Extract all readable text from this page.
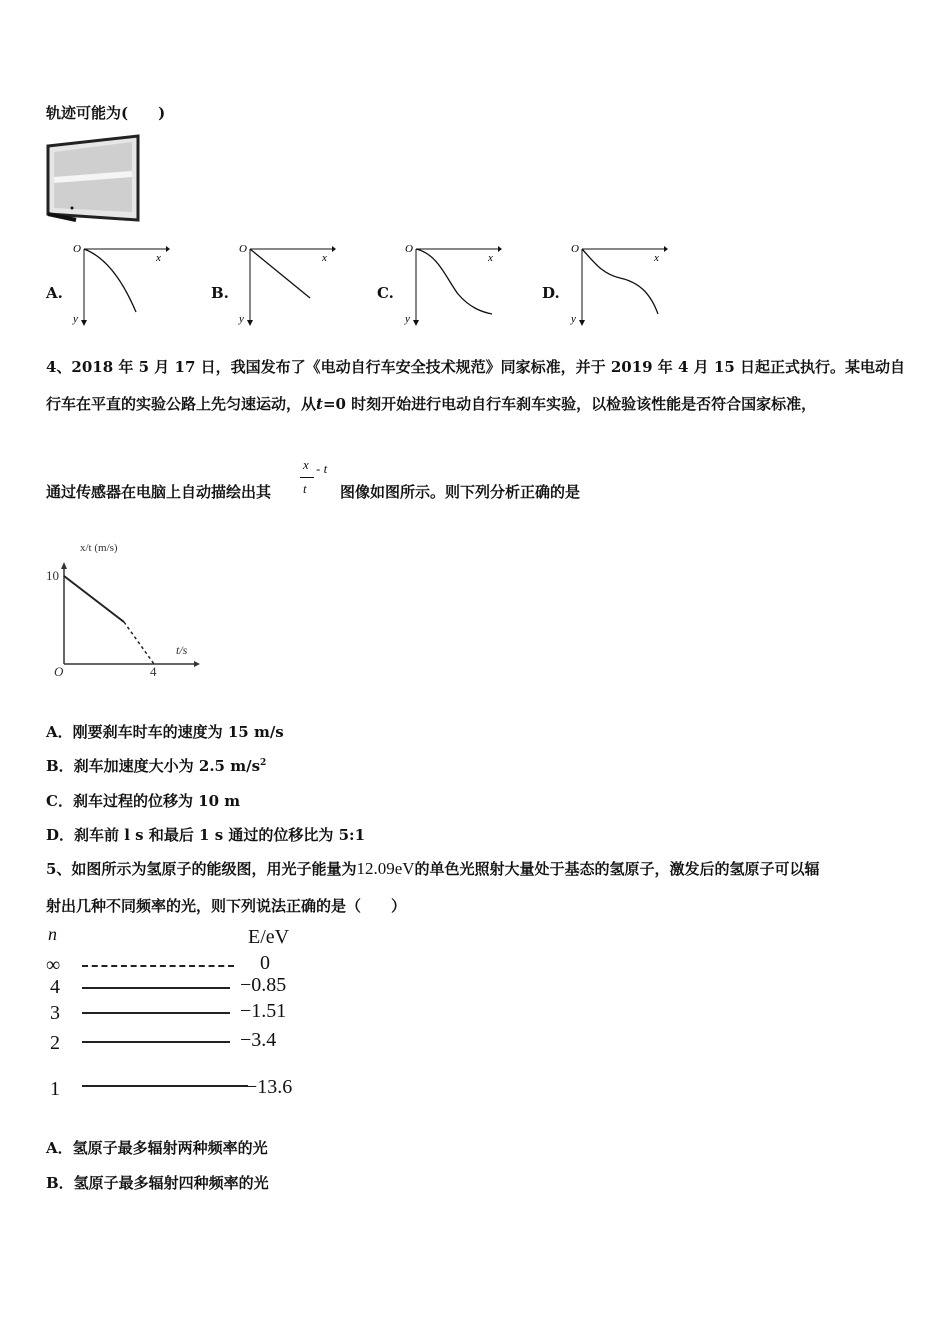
轨迹可能为(　　)
A.
O
x
y
B.
O
x
y
C.
O
x
y
D.
O
x
y
4、2018 年 5 月 17 日，我国发布了《电动自行车安全技术规范》同家标准，并于 2019 年 4 月 15 日起正式执行。某电动自
行车在平直的实验公路上先匀速运动，从t=0 时刻开始进行电动自行车刹车实验，以检验该性能是否符合国家标准，
通过传感器在电脑上自动描绘出其
x
t
- t
图像如图所示。则下列分析正确的是
x/t (m/s)
10
O	4
t/s
A．刚要刹车时车的速度为 15 m/s
B．刹车加速度大小为 2.5 $m/s^2$
C．刹车过程的位移为 10 m
D．刹车前 l s 和最后 1 s 通过的位移比为 5:1
5、如图所示为氢原子的能级图，用光子能量为12.09eV的单色光照射大量处于基态的氢原子，激发后的氢原子可以辐
射出几种不同频率的光，则下列说法正确的是（　　）
n	E/eV
∞	0
4	−0.85
3	−1.51
2	−3.4
1	−13.6
A．氢原子最多辐射两种频率的光
B．氢原子最多辐射四种频率的光
